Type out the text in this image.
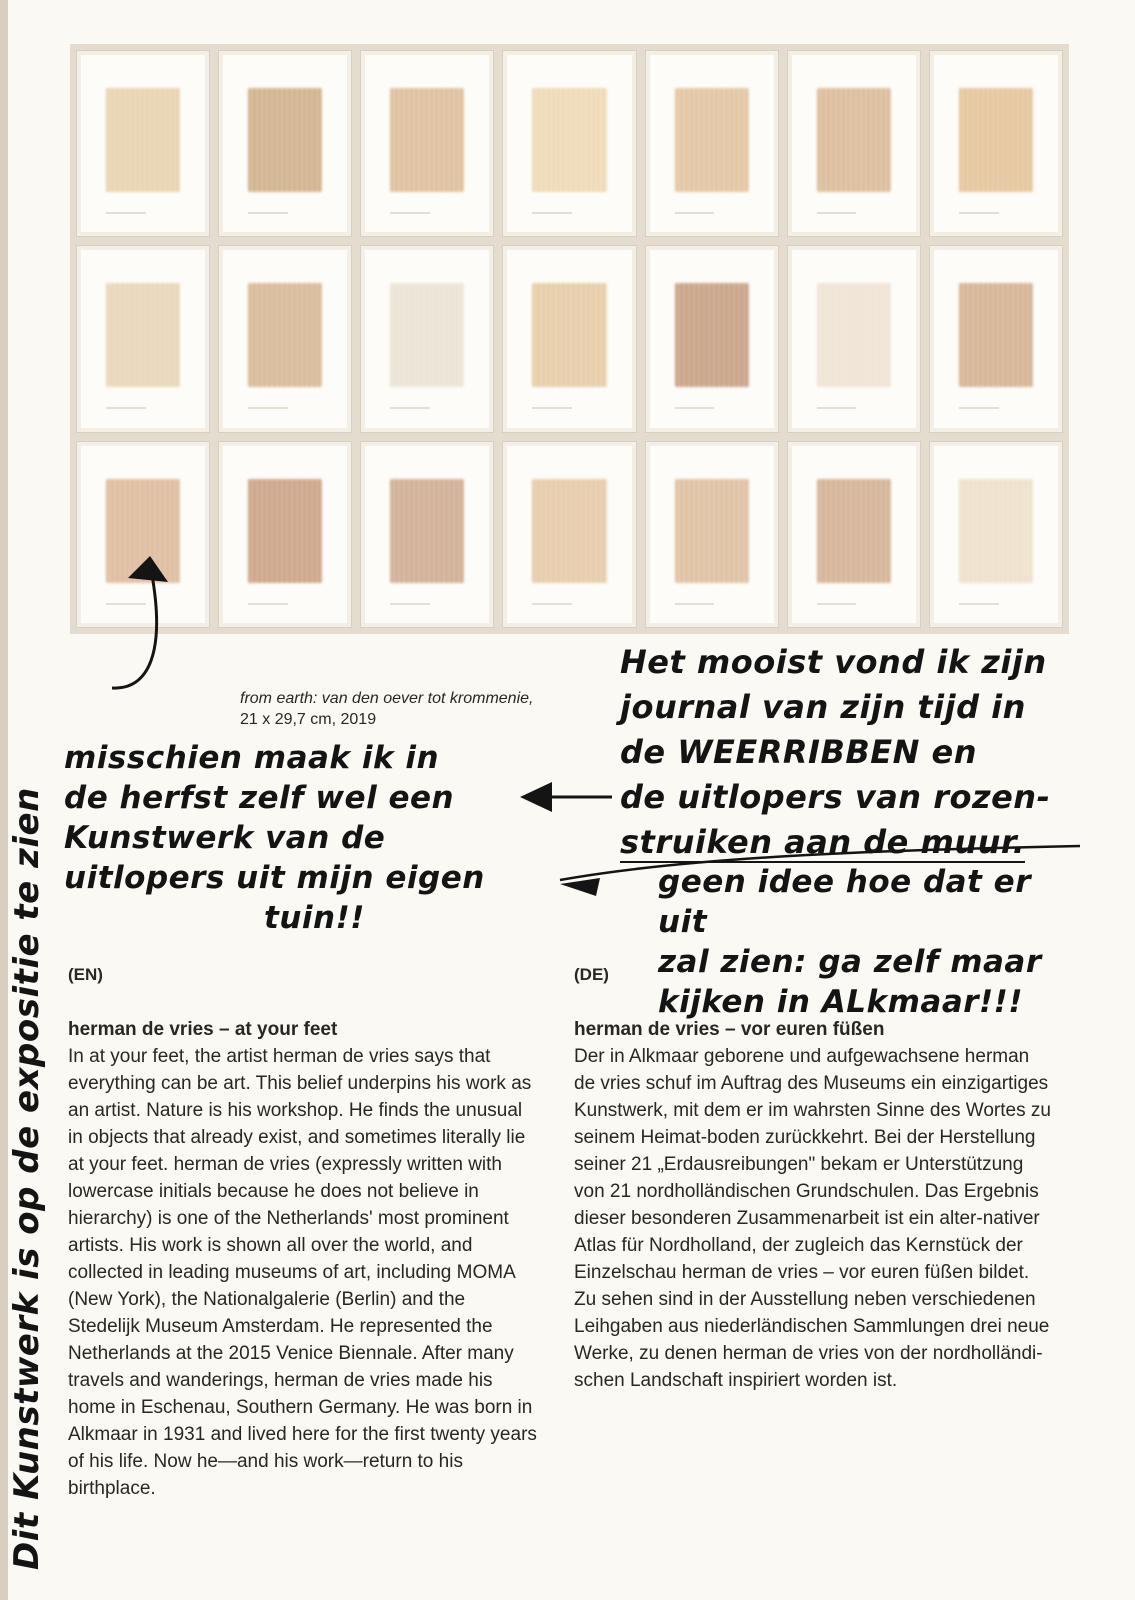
from earth: van den oever tot krommenie,
21 x 29,7 cm, 2019
Dit Kunstwerk is op de expositie te zien
misschien maak ik in
de herfst zelf wel een
Kunstwerk van de
uitlopers uit mijn eigen
tuin!!
Het mooist vond ik zijn
journal van zijn tijd in
de WEERRIBBEN en
de uitlopers van rozen-
struiken aan de muur.
geen idee hoe dat er uit
zal zien: ga zelf maar
kijken in ALkmaar!!!
(EN)	(DE)
herman de vries – at your feet

In at your feet, the artist herman de vries says that everything can be art. This belief underpins his work as an artist. Nature is his workshop. He finds the unusual in objects that already exist, and sometimes literally lie at your feet. herman de vries (expressly written with lowercase initials because he does not believe in hierarchy) is one of the Netherlands' most prominent artists. His work is shown all over the world, and collected in leading museums of art, including MOMA (New York), the Nationalgalerie (Berlin) and the Stedelijk Museum Amsterdam. He represented the Netherlands at the 2015 Venice Biennale. After many travels and wanderings, herman de vries made his home in Eschenau, Southern Germany. He was born in Alkmaar in 1931 and lived here for the first twenty years of his life. Now he—and his work—return to his birthplace.

herman de vries – vor euren füßen

Der in Alkmaar geborene und aufgewachsene herman de vries schuf im Auftrag des Museums ein einzigartiges Kunstwerk, mit dem er im wahrsten Sinne des Wortes zu seinem Heimat-boden zurückkehrt. Bei der Herstellung seiner 21 „Erdausreibungen" bekam er Unterstützung von 21 nordholländischen Grundschulen. Das Ergebnis dieser besonderen Zusammenarbeit ist ein alter-nativer Atlas für Nordholland, der zugleich das Kernstück der Einzelschau herman de vries – vor euren füßen bildet. Zu sehen sind in der Ausstellung neben verschiedenen Leihgaben aus niederländischen Sammlungen drei neue Werke, zu denen herman de vries von der nordholländi-schen Landschaft inspiriert worden ist.
